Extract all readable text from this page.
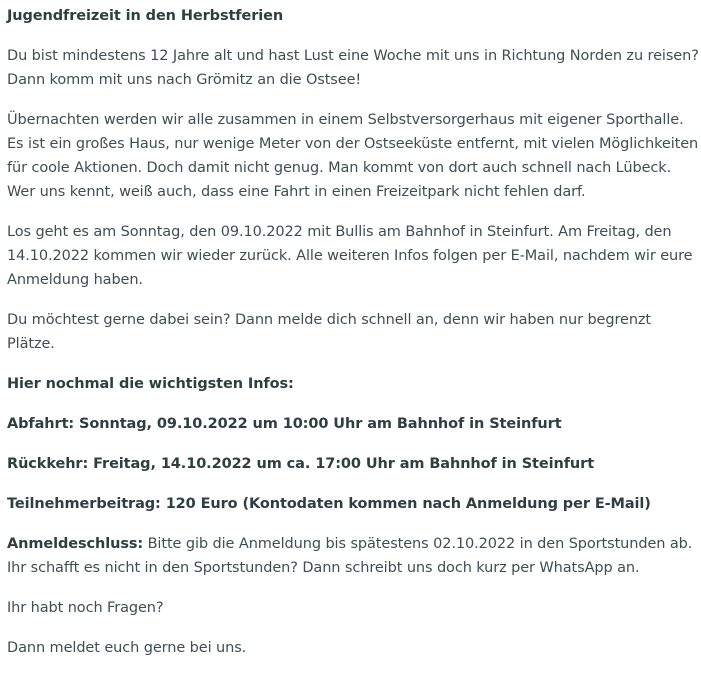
Jugendfreizeit in den Herbstferien

Du bist mindestens 12 Jahre alt und hast Lust eine Woche mit uns in Richtung Norden zu reisen? Dann komm mit uns nach Grömitz an die Ostsee!

Übernachten werden wir alle zusammen in einem Selbstversorgerhaus mit eigener Sporthalle. Es ist ein großes Haus, nur wenige Meter von der Ostseeküste entfernt, mit vielen Möglichkeiten für coole Aktionen. Doch damit nicht genug. Man kommt von dort auch schnell nach Lübeck. Wer uns kennt, weiß auch, dass eine Fahrt in einen Freizeitpark nicht fehlen darf.

Los geht es am Sonntag, den 09.10.2022 mit Bullis am Bahnhof in Steinfurt. Am Freitag, den 14.10.2022 kommen wir wieder zurück. Alle weiteren Infos folgen per E-Mail, nachdem wir eure Anmeldung haben.

Du möchtest gerne dabei sein? Dann melde dich schnell an, denn wir haben nur begrenzt Plätze.

Hier nochmal die wichtigsten Infos:

Abfahrt: Sonntag, 09.10.2022 um 10:00 Uhr am Bahnhof in Steinfurt

Rückkehr: Freitag, 14.10.2022 um ca. 17:00 Uhr am Bahnhof in Steinfurt

Teilnehmerbeitrag: 120 Euro (Kontodaten kommen nach Anmeldung per E-Mail)

Anmeldeschluss: Bitte gib die Anmeldung bis spätestens 02.10.2022 in den Sportstunden ab. Ihr schafft es nicht in den Sportstunden? Dann schreibt uns doch kurz per WhatsApp an.

Ihr habt noch Fragen?

Dann meldet euch gerne bei uns.
